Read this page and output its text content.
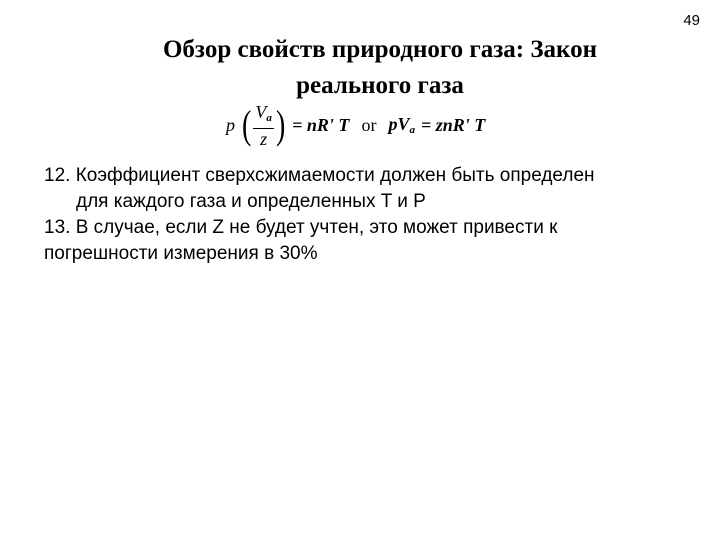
49
Обзор свойств природного газа: Закон
реального газа
p ( $\frac{V_a}{z}$ ) = nR' T or $pV_a = znR'$ T

12. Коэффициент сверхсжимаемости должен быть определен

для каждого газа и определенных T и P

13. В случае, если Z не будет учтен, это может привести к

погрешности измерения в 30%
